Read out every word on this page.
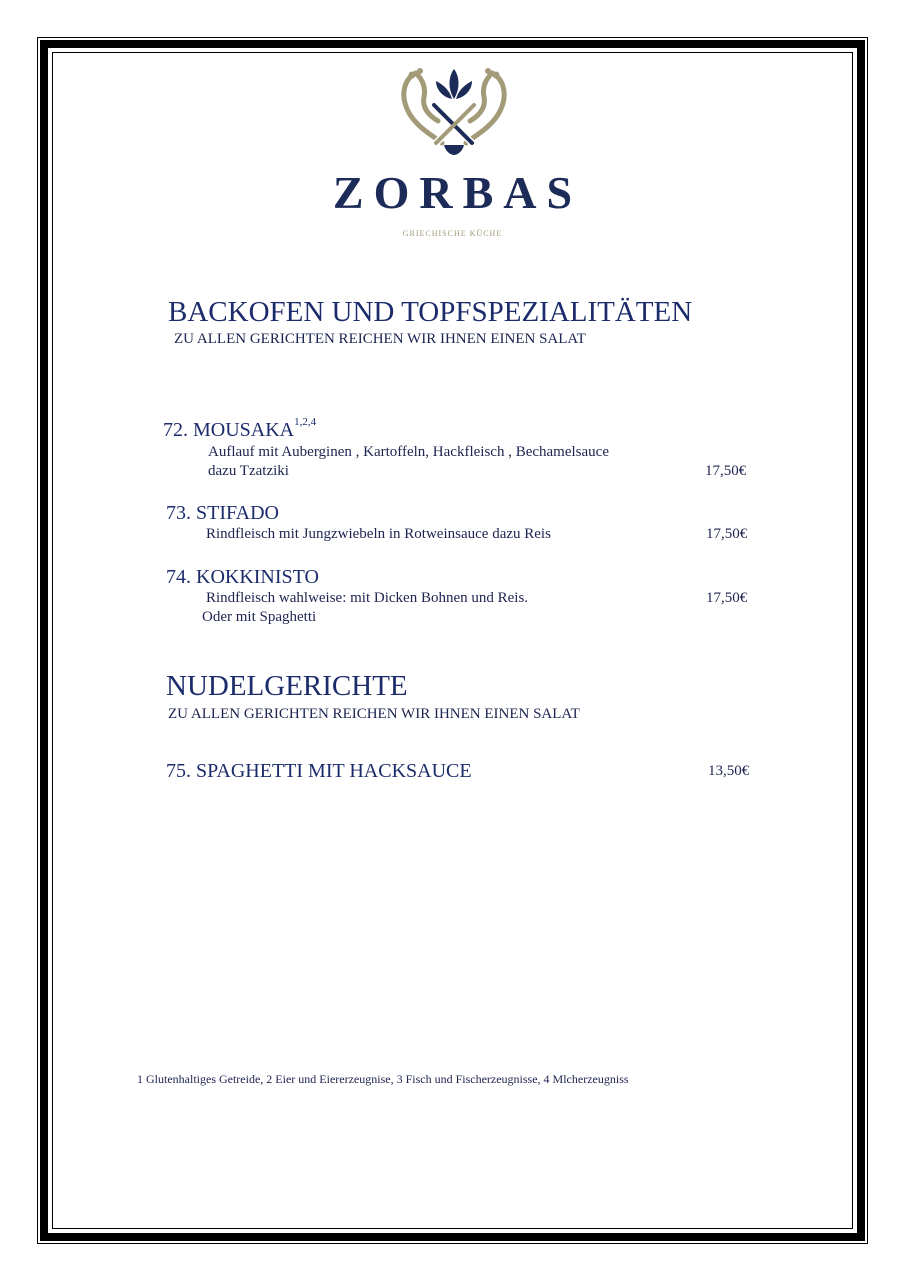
ZORBAS
GRIECHISCHE KÜCHE
BACKOFEN UND TOPFSPEZIALITÄTEN
ZU ALLEN GERICHTEN REICHEN WIR IHNEN EINEN SALAT
72. MOUSAKA$^{1,2,4}$
Auflauf mit Auberginen , Kartoffeln, Hackfleisch , Bechamelsauce
dazu Tzatziki	17,50€
73. STIFADO
Rindfleisch mit Jungzwiebeln in Rotweinsauce dazu Reis	17,50€
74. KOKKINISTO
Rindfleisch wahlweise: mit Dicken Bohnen und Reis.	17,50€
Oder mit Spaghetti
NUDELGERICHTE
ZU ALLEN GERICHTEN REICHEN WIR IHNEN EINEN SALAT
75. SPAGHETTI MIT HACKSAUCE	13,50€
1 Glutenhaltiges Getreide, 2 Eier und Eiererzeugnise, 3 Fisch und Fischerzeugnisse, 4 Mlcherzeugniss
